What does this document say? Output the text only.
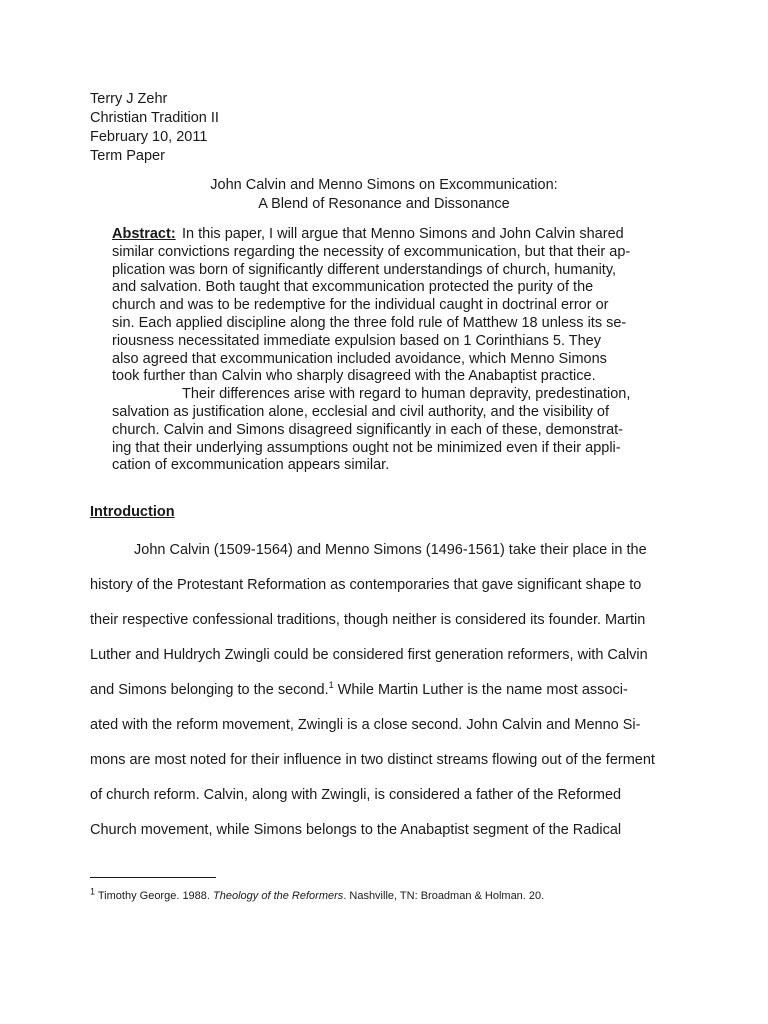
Terry J Zehr
Christian Tradition II
February 10, 2011
Term Paper
John Calvin and Menno Simons on Excommunication:
A Blend of Resonance and Dissonance
Abstract: In this paper, I will argue that Menno Simons and John Calvin shared
similar convictions regarding the necessity of excommunication, but that their ap-
plication was born of significantly different understandings of church, humanity,
and salvation. Both taught that excommunication protected the purity of the
church and was to be redemptive for the individual caught in doctrinal error or
sin. Each applied discipline along the three fold rule of Matthew 18 unless its se-
riousness necessitated immediate expulsion based on 1 Corinthians 5. They
also agreed that excommunication included avoidance, which Menno Simons
took further than Calvin who sharply disagreed with the Anabaptist practice.
Their differences arise with regard to human depravity, predestination,
salvation as justification alone, ecclesial and civil authority, and the visibility of
church. Calvin and Simons disagreed significantly in each of these, demonstrat-
ing that their underlying assumptions ought not be minimized even if their appli-
cation of excommunication appears similar.
Introduction
John Calvin (1509-1564) and Menno Simons (1496-1561) take their place in the
history of the Protestant Reformation as contemporaries that gave significant shape to
their respective confessional traditions, though neither is considered its founder. Martin
Luther and Huldrych Zwingli could be considered first generation reformers, with Calvin
and Simons belonging to the second.$^1$ While Martin Luther is the name most associ-
ated with the reform movement, Zwingli is a close second. John Calvin and Menno Si-
mons are most noted for their influence in two distinct streams flowing out of the ferment
of church reform. Calvin, along with Zwingli, is considered a father of the Reformed
Church movement, while Simons belongs to the Anabaptist segment of the Radical
$^1$ Timothy George. 1988. Theology of the Reformers. Nashville, TN: Broadman & Holman. 20.
